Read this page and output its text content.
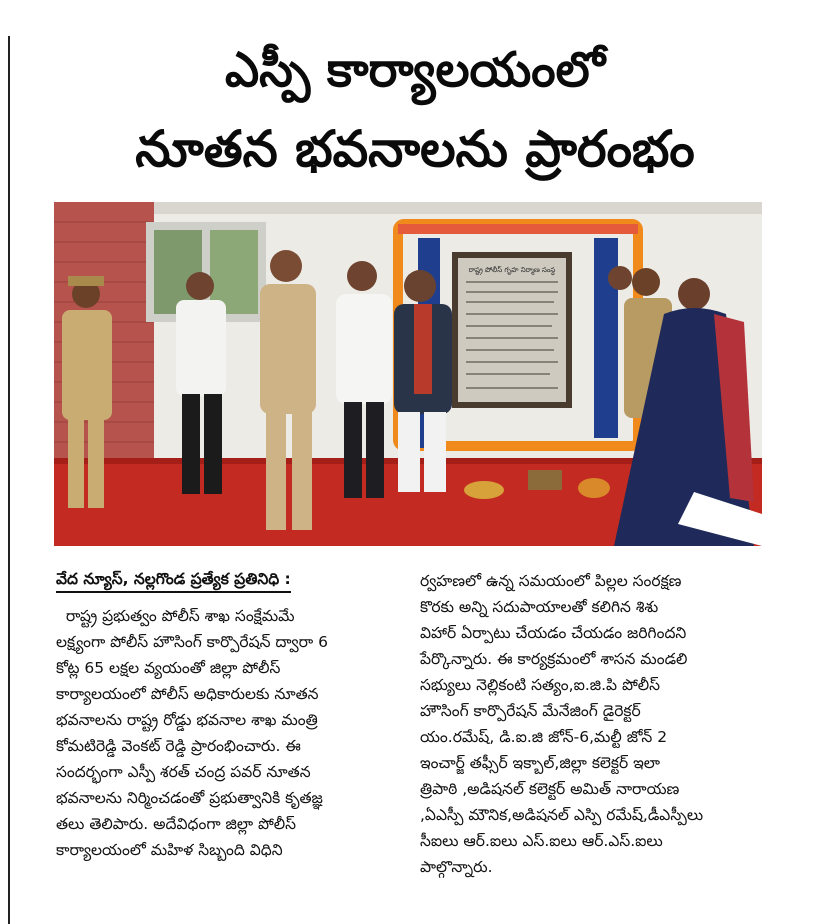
ఎస్పీ కార్యాలయంలో
నూతన భవనాలను ప్రారంభం
రాష్ట్ర పోలీస్ గృహ నిర్మాణ సంస్థ
వేద న్యూస్, నల్లగొండ ప్రత్యేక ప్రతినిధి :

రాష్ట్ర ప్రభుత్వం పోలీస్ శాఖ సంక్షేమమే

లక్ష్యంగా పోలీస్ హౌసింగ్ కార్పొరేషన్ ద్వారా 6

కోట్ల 65 లక్షల వ్యయంతో జిల్లా పోలీస్

కార్యాలయంలో పోలీస్ అధికారులకు నూతన

భవనాలను రాష్ట్ర రోడ్డు భవనాల శాఖ మంత్రి

కోమటిరెడ్డి వెంకట్ రెడ్డి ప్రారంభించారు. ఈ

సందర్భంగా ఎస్పీ శరత్ చంద్ర పవర్ నూతన

భవనాలను నిర్మించడంతో ప్రభుత్వానికి కృతజ్ఞ

తలు తెలిపారు. అదేవిధంగా జిల్లా పోలీస్

కార్యాలయంలో మహిళ సిబ్బంది విధిని

ర్వహణలో ఉన్న సమయంలో పిల్లల సంరక్షణ

కొరకు అన్ని సదుపాయాలతో కలిగిన శిశు

విహార్ ఏర్పాటు చేయడం చేయడం జరిగిందని

పేర్కొన్నారు. ఈ కార్యక్రమంలో శాసన మండలి

సభ్యులు నెల్లికంటి సత్యం,ఐ.జి.పి పోలీస్

హౌసింగ్ కార్పొరేషన్ మేనేజింగ్ డైరెక్టర్

యం.రమేష్, డి.ఐ.జి జోన్-6,మల్టీ జోన్ 2

ఇంచార్జ్ తఫ్సీర్ ఇక్బాల్,జిల్లా కలెక్టర్ ఇలా

త్రిపాఠి ,అడిషనల్ కలెక్టర్ అమిత్ నారాయణ

,ఏఎస్పీ మౌనిక,అడిషనల్ ఎస్పి రమేష్,డీఎస్పీలు

సీఐలు ఆర్.ఐలు ఎస్.ఐలు ఆర్.ఎస్.ఐలు

పాల్గొన్నారు.
